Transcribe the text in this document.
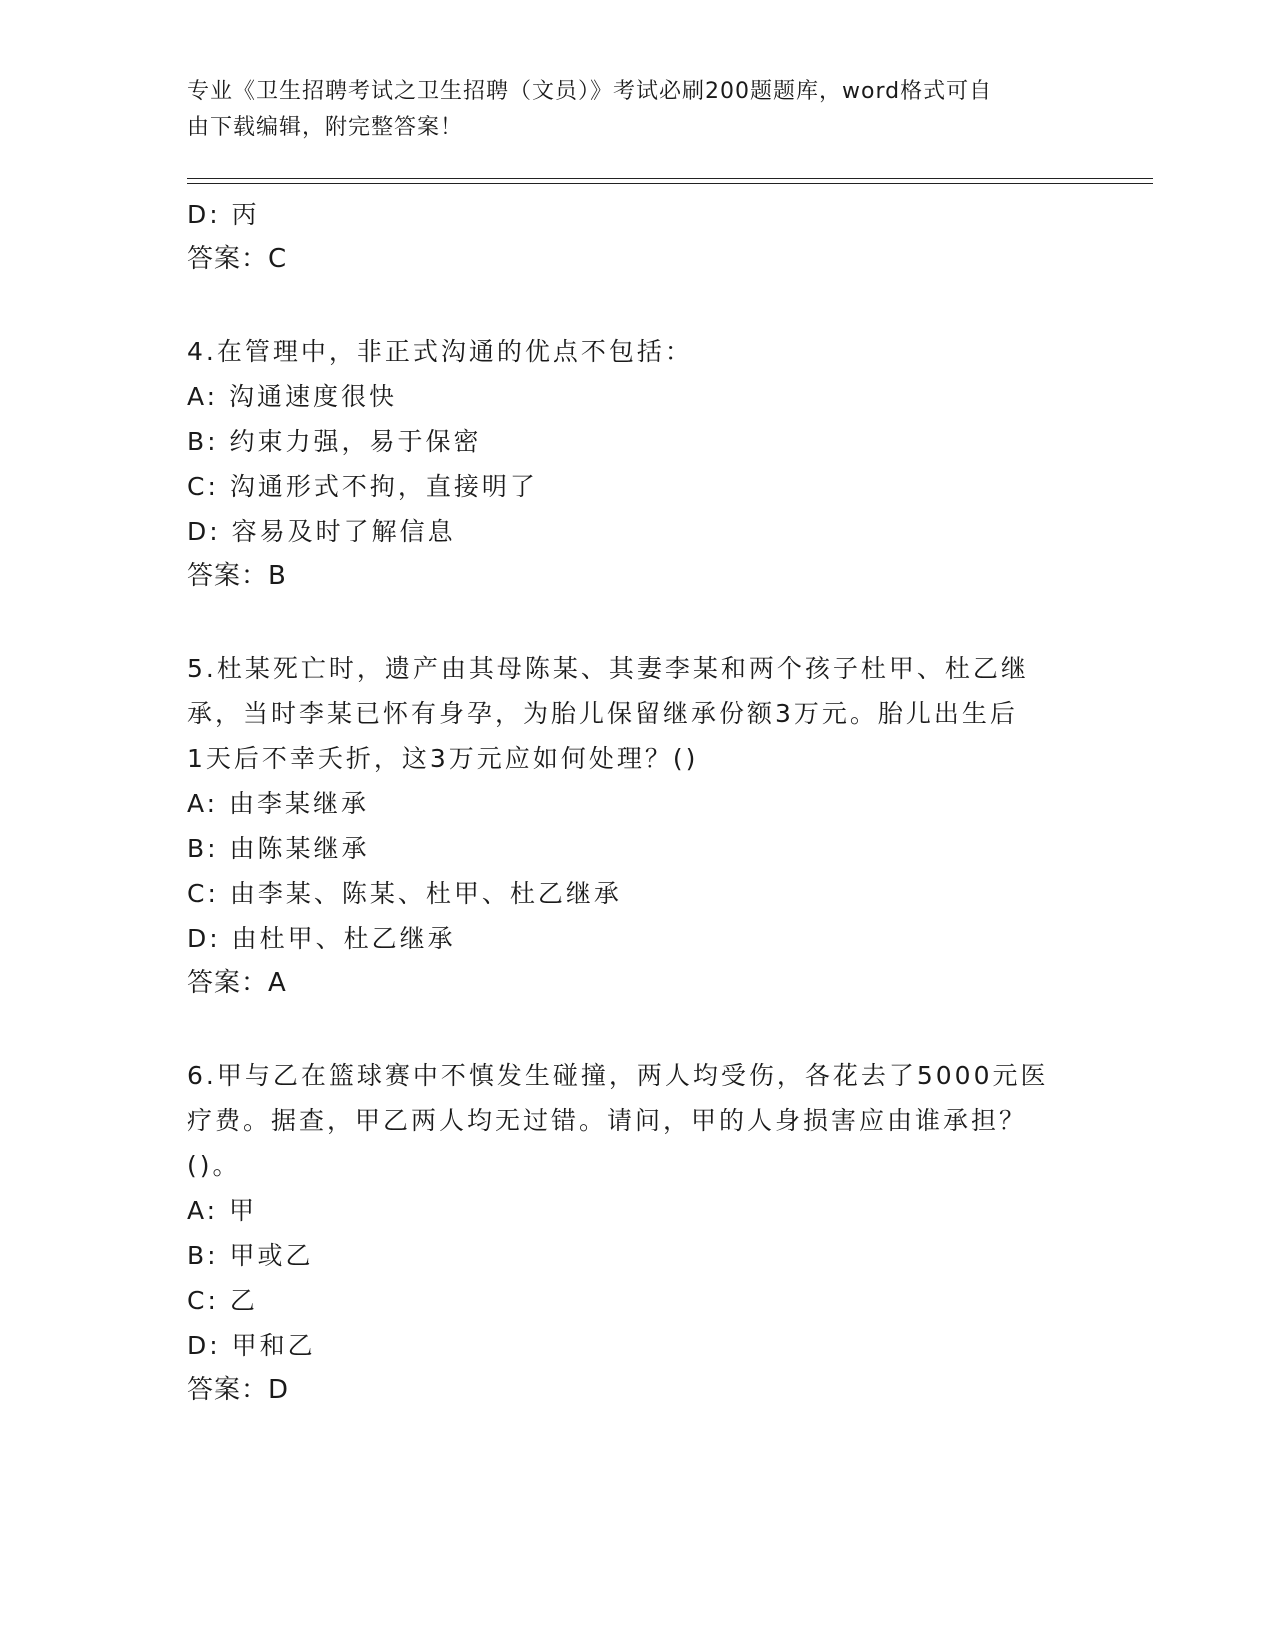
专业《卫生招聘考试之卫生招聘（文员）》考试必刷200题题库，word格式可自
由下载编辑，附完整答案！
D: 丙
答案：C
4.在管理中，非正式沟通的优点不包括：
A: 沟通速度很快
B: 约束力强，易于保密
C: 沟通形式不拘，直接明了
D: 容易及时了解信息
答案：B
5.杜某死亡时，遗产由其母陈某、其妻李某和两个孩子杜甲、杜乙继
承，当时李某已怀有身孕，为胎儿保留继承份额3万元。胎儿出生后
1天后不幸夭折，这3万元应如何处理？()
A: 由李某继承
B: 由陈某继承
C: 由李某、陈某、杜甲、杜乙继承
D: 由杜甲、杜乙继承
答案：A
6.甲与乙在篮球赛中不慎发生碰撞，两人均受伤，各花去了5000元医
疗费。据查，甲乙两人均无过错。请问，甲的人身损害应由谁承担？
()。
A: 甲
B: 甲或乙
C: 乙
D: 甲和乙
答案：D
